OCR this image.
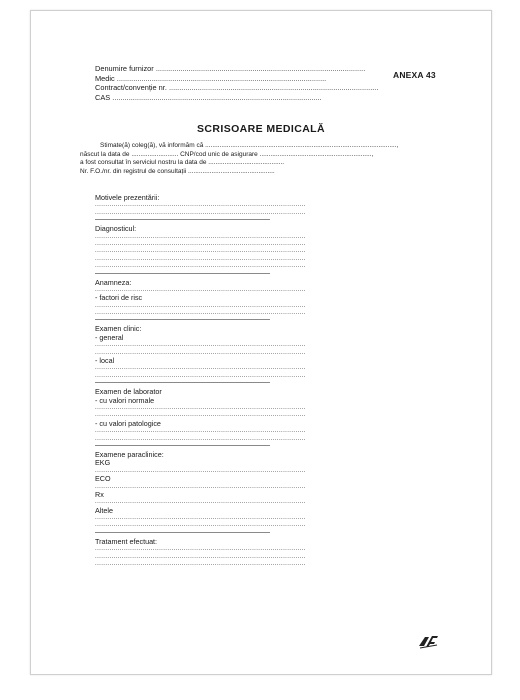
Denumire furnizor ......................................................................................................
Medic ......................................................................................................
Contract/convenție nr. ......................................................................................................
CAS ......................................................................................................
ANEXA 43
SCRISOARE MEDICALĂ
Stimate(ă) coleg(ă), vă informăm că ..........................................................................................................,
născut la data de .......................... CNP/cod unic de asigurare ..............................................................,
a fost consultat în serviciul nostru la data de ..........................................
Nr. F.O./nr. din registrul de consultații ................................................
Motivele prezentării:
......................................................................................................
......................................................................................................
Diagnosticul:
......................................................................................................
......................................................................................................
......................................................................................................
......................................................................................................
......................................................................................................
Anamneza:
......................................................................................................
- factori de risc
......................................................................................................
......................................................................................................
Examen clinic:
- general
......................................................................................................
......................................................................................................
- local
......................................................................................................
......................................................................................................
Examen de laborator
- cu valori normale
......................................................................................................
......................................................................................................
- cu valori patologice
......................................................................................................
......................................................................................................
Examene paraclinice:
EKG
......................................................................................................
ECO
......................................................................................................
Rx
......................................................................................................
Altele
......................................................................................................
......................................................................................................
Tratament efectuat:
......................................................................................................
......................................................................................................
......................................................................................................
